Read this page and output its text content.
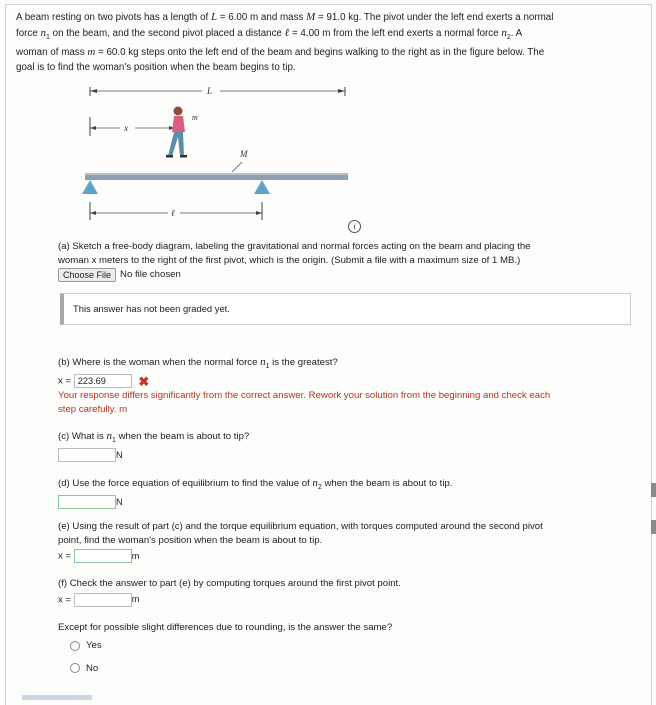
A beam resting on two pivots has a length of L = 6.00 m and mass M = 91.0 kg. The pivot under the left end exerts a normal
force $n_1$ on the beam, and the second pivot placed a distance ℓ = 4.00 m from the left end exerts a normal force $n_2$. A
woman of mass m = 60.0 kg steps onto the left end of the beam and begins walking to the right as in the figure below. The
goal is to find the woman's position when the beam begins to tip.
L
x
m
M
ℓ
i
(a) Sketch a free-body diagram, labeling the gravitational and normal forces acting on the beam and placing the
woman x meters to the right of the first pivot, which is the origin. (Submit a file with a maximum size of 1 MB.)
Choose File No file chosen
This answer has not been graded yet.
(b) Where is the woman when the normal force $n_1$ is the greatest?
x = 223.69	✖
Your response differs significantly from the correct answer. Rework your solution from the beginning and check each
step carefully. m
(c) What is $n_1$ when the beam is about to tip?
N
(d) Use the force equation of equilibrium to find the value of $n_2$ when the beam is about to tip.
N
(e) Using the result of part (c) and the torque equilibrium equation, with torques computed around the second pivot
point, find the woman's position when the beam is about to tip.
x =	m
(f) Check the answer to part (e) by computing torques around the first pivot point.
x =	m
Except for possible slight differences due to rounding, is the answer the same?
Yes
No
